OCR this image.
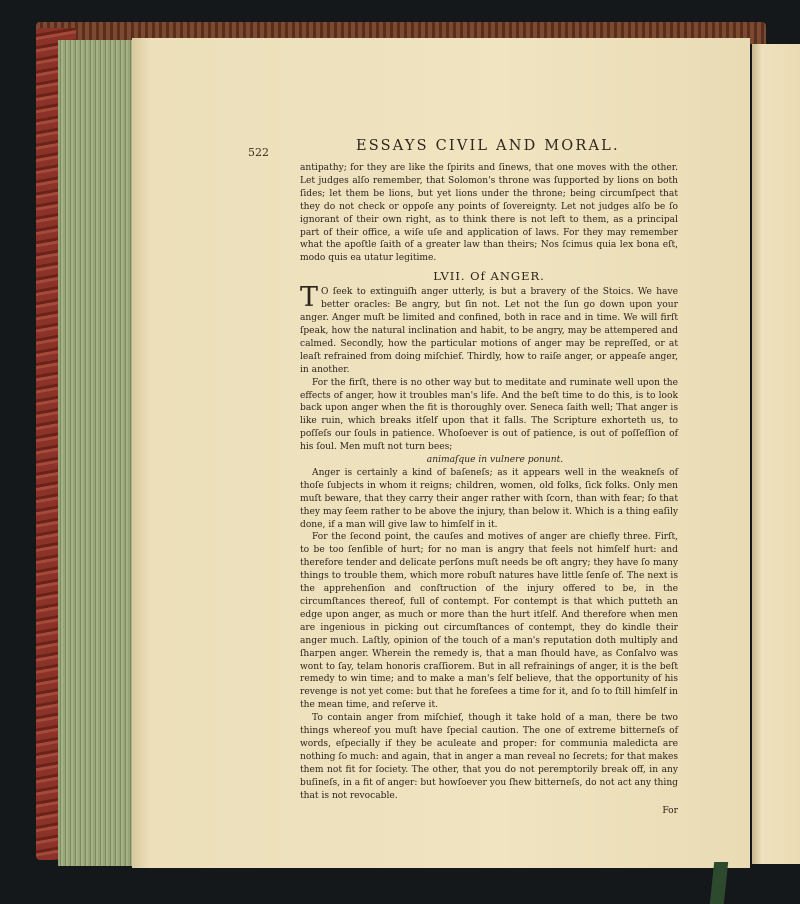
522	ESSAYS CIVIL AND MORAL.

antipathy; for they are like the ſpirits and ſinews, that one moves with the other. Let judges alſo remember, that Solomon's throne was ſupported by lions on both ſides; let them be lions, but yet lions under the throne; being circumſpect that they do not check or oppoſe any points of ſovereignty. Let not judges alſo be ſo ignorant of their own right, as to think there is not left to them, as a principal part of their office, a wiſe uſe and application of laws. For they may remember what the apoſtle ſaith of a greater law than theirs; Nos ſcimus quia lex bona eſt, modo quis ea utatur legitime.

LVII. Of ANGER.

T O ſeek to extinguiſh anger utterly, is but a bravery of the Stoics. We have better oracles: Be angry, but ſin not. Let not the ſun go down upon your anger. Anger muſt be limited and confined, both in race and in time. We will firſt ſpeak, how the natural inclination and habit, to be angry, may be attempered and calmed. Secondly, how the particular motions of anger may be repreſſed, or at leaſt refrained from doing miſchief. Thirdly, how to raiſe anger, or appeaſe anger, in another.

For the firſt, there is no other way but to meditate and ruminate well upon the effects of anger, how it troubles man's life. And the beſt time to do this, is to look back upon anger when the fit is thoroughly over. Seneca ſaith well; That anger is like ruin, which breaks itſelf upon that it falls. The Scripture exhorteth us, to poſſeſs our ſouls in patience. Whoſoever is out of patience, is out of poſſeſſion of his ſoul. Men muſt not turn bees;

animaſque in vulnere ponunt.

Anger is certainly a kind of baſeneſs; as it appears well in the weakneſs of thoſe ſubjects in whom it reigns; children, women, old folks, ſick folks. Only men muſt beware, that they carry their anger rather with ſcorn, than with fear; ſo that they may ſeem rather to be above the injury, than below it. Which is a thing eaſily done, if a man will give law to himſelf in it.

For the ſecond point, the cauſes and motives of anger are chiefly three. Firſt, to be too ſenſible of hurt; for no man is angry that feels not himſelf hurt: and therefore tender and delicate perſons muſt needs be oft angry; they have ſo many things to trouble them, which more robuſt natures have little ſenſe of. The next is the apprehenſion and conſtruction of the injury offered to be, in the circumſtances thereof, full of contempt. For contempt is that which putteth an edge upon anger, as much or more than the hurt itſelf. And therefore when men are ingenious in picking out circumſtances of contempt, they do kindle their anger much. Laſtly, opinion of the touch of a man's reputation doth multiply and ſharpen anger. Wherein the remedy is, that a man ſhould have, as Conſalvo was wont to ſay, telam honoris craſſiorem. But in all refrainings of anger, it is the beſt remedy to win time; and to make a man's ſelf believe, that the opportunity of his revenge is not yet come: but that he foreſees a time for it, and ſo to ſtill himſelf in the mean time, and reſerve it.

To contain anger from miſchief, though it take hold of a man, there be two things whereof you muſt have ſpecial caution. The one of extreme bitterneſs of words, eſpecially if they be aculeate and proper: for communia maledicta are nothing ſo much: and again, that in anger a man reveal no ſecrets; for that makes them not fit for ſociety. The other, that you do not peremptorily break off, in any buſineſs, in a fit of anger: but howſoever you ſhew bitterneſs, do not act any thing that is not revocable.

For
